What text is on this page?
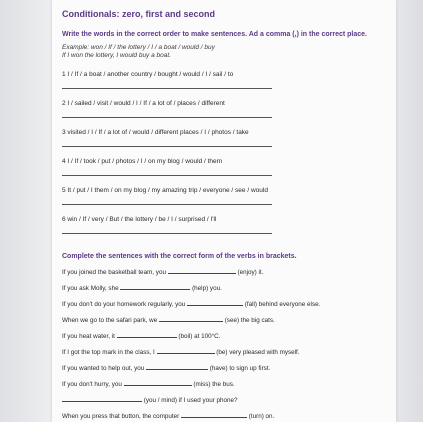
Conditionals: zero, first and second
Write the words in the correct order to make sentences. Ad a comma (,) in the correct place.
Example: won / If / the lottery / I / a boat / would / buy
If I won the lottery, I would buy a boat.
1 I / If / a boat / another country / bought / would / I / sail / to
2 I / sailed / visit / would / I / If / a lot of / places / different
3 visited / I / If / a lot of / would / different places / I / photos / take
4 I / If / took / put / photos / I / on my blog / would / them
5 It / put / I them / on my blog / my amazing trip / everyone / see / would
6 win / If / very / But / the lottery / be / I / surprised / I'll
Complete the sentences with the correct form of the verbs in brackets.
If you joined the basketball team, you	(enjoy) it.
If you ask Molly, she	(help) you.
If you don't do your homework regularly, you	(fall) behind everyone else.
When we go to the safari park, we	(see) the big cats.
If you heat water, it	(boil) at 100°C.
If I got the top mark in the class, I	(be) very pleased with myself.
If you wanted to help out, you	(have) to sign up first.
If you don't hurry, you	(miss) the bus.
(you / mind) if I used your phone?
When you press that button, the computer	(turn) on.
